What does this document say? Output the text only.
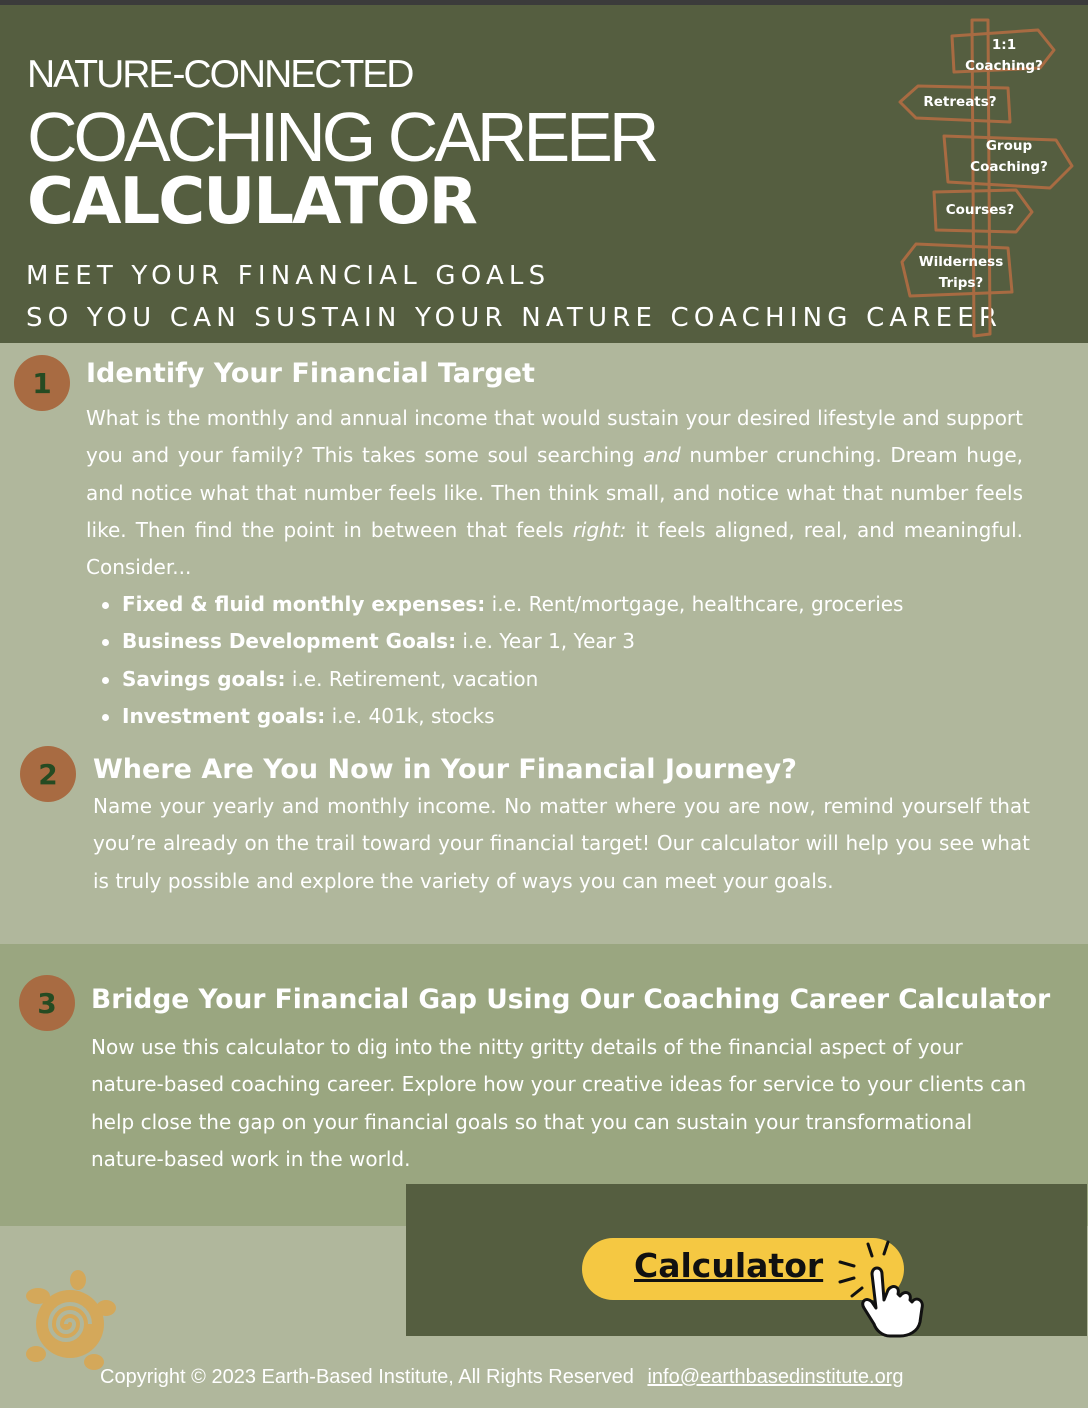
NATURE-CONNECTED
COACHING CAREER
CALCULATOR
MEET YOUR FINANCIAL GOALS
SO YOU CAN SUSTAIN YOUR NATURE COACHING CAREER
1:1 Coaching?
Retreats?
Group
Coaching?
Courses?
Wilderness
Trips?
1	Identify Your Financial Target
What is the monthly and annual income that would sustain your desired lifestyle and support you and your family? This takes some soul searching and number crunching. Dream huge, and notice what that number feels like. Then think small, and notice what that number feels like. Then find the point in between that feels right: it feels aligned, real, and meaningful. Consider...
Fixed & fluid monthly expenses: i.e. Rent/mortgage, healthcare, groceries
Business Development Goals: i.e. Year 1, Year 3
Savings goals: i.e. Retirement, vacation
Investment goals: i.e. 401k, stocks
2	Where Are You Now in Your Financial Journey?
Name your yearly and monthly income. No matter where you are now, remind yourself that you’re already on the trail toward your financial target! Our calculator will help you see what is truly possible and explore the variety of ways you can meet your goals.
3	Bridge Your Financial Gap Using Our Coaching Career Calculator
Now use this calculator to dig into the nitty gritty details of the financial aspect of your nature-based coaching career. Explore how your creative ideas for service to your clients can help close the gap on your financial goals so that you can sustain your transformational nature-based work in the world.
Calculator
Copyright © 2023 Earth-Based Institute, All Rights Reserved info@earthbasedinstitute.org
